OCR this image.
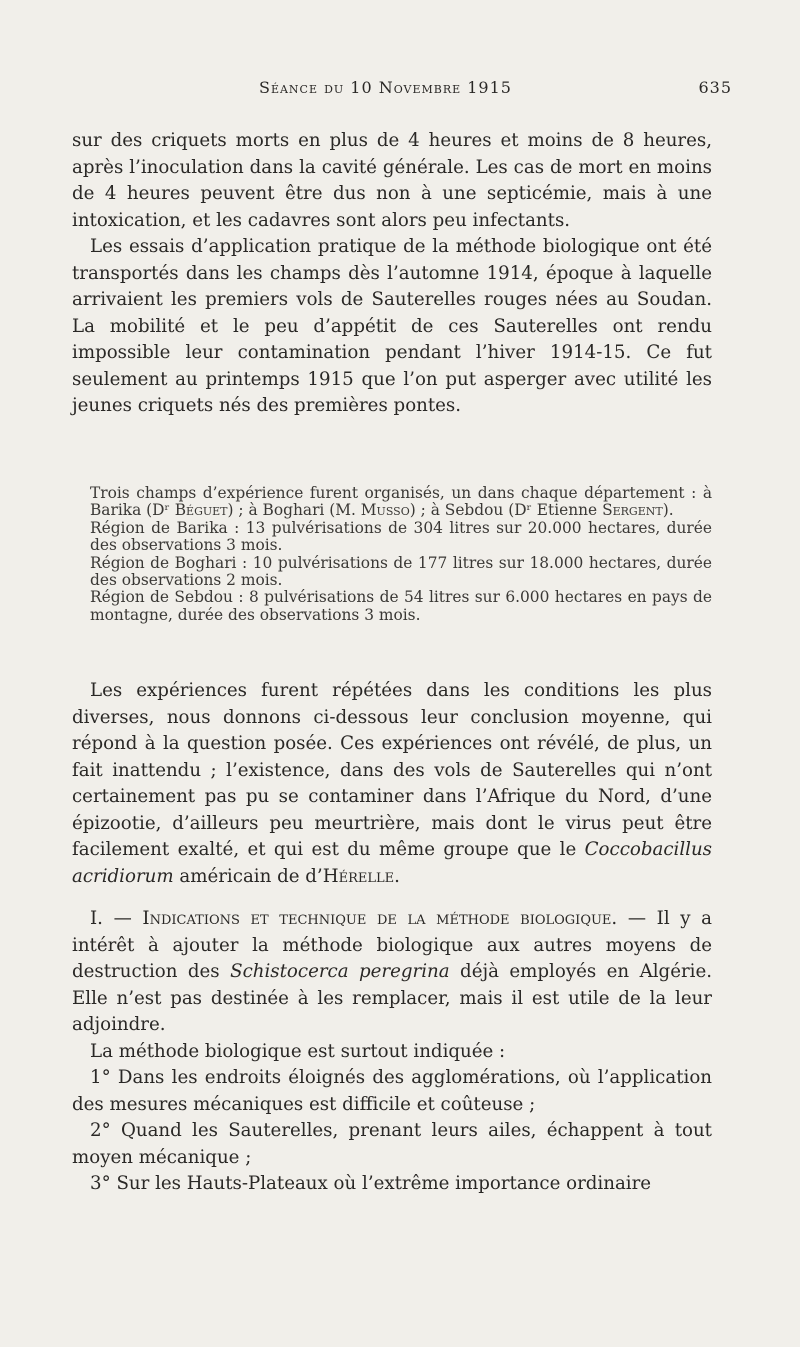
Séance du 10 Novembre 1915	635

sur des criquets morts en plus de 4 heures et moins de 8 heures, après l’inoculation dans la cavité générale. Les cas de mort en moins de 4 heures peuvent être dus non à une septicémie, mais à une intoxication, et les cadavres sont alors peu infectants.

Les essais d’application pratique de la méthode biologique ont été transportés dans les champs dès l’automne 1914, époque à laquelle arrivaient les premiers vols de Sauterelles rouges nées au Soudan. La mobilité et le peu d’appétit de ces Sauterelles ont rendu impossible leur contamination pendant l’hiver 1914-15. Ce fut seulement au printemps 1915 que l’on put asperger avec utilité les jeunes criquets nés des premières pontes.

Trois champs d’expérience furent organisés, un dans chaque département : à Barika (Dʳ Béguet) ; à Boghari (M. Musso) ; à Sebdou (Dʳ Etienne Sergent).

Région de Barika : 13 pulvérisations de 304 litres sur 20.000 hectares, durée des observations 3 mois.

Région de Boghari : 10 pulvérisations de 177 litres sur 18.000 hectares, durée des observations 2 mois.

Région de Sebdou : 8 pulvérisations de 54 litres sur 6.000 hectares en pays de montagne, durée des observations 3 mois.

Les expériences furent répétées dans les conditions les plus diverses, nous donnons ci-dessous leur conclusion moyenne, qui répond à la question posée. Ces expériences ont révélé, de plus, un fait inattendu ; l’existence, dans des vols de Sauterelles qui n’ont certainement pas pu se contaminer dans l’Afrique du Nord, d’une épizootie, d’ailleurs peu meurtrière, mais dont le virus peut être facilement exalté, et qui est du même groupe que le Coccobacillus acridiorum américain de d’Hérelle.

I. — Indications et technique de la méthode biologique. — Il y a intérêt à ajouter la méthode biologique aux autres moyens de destruction des Schistocerca peregrina déjà employés en Algérie. Elle n’est pas destinée à les remplacer, mais il est utile de la leur adjoindre.

La méthode biologique est surtout indiquée :

1° Dans les endroits éloignés des agglomérations, où l’application des mesures mécaniques est difficile et coûteuse ;

2° Quand les Sauterelles, prenant leurs ailes, échappent à tout moyen mécanique ;

3° Sur les Hauts-Plateaux où l’extrême importance ordinaire
